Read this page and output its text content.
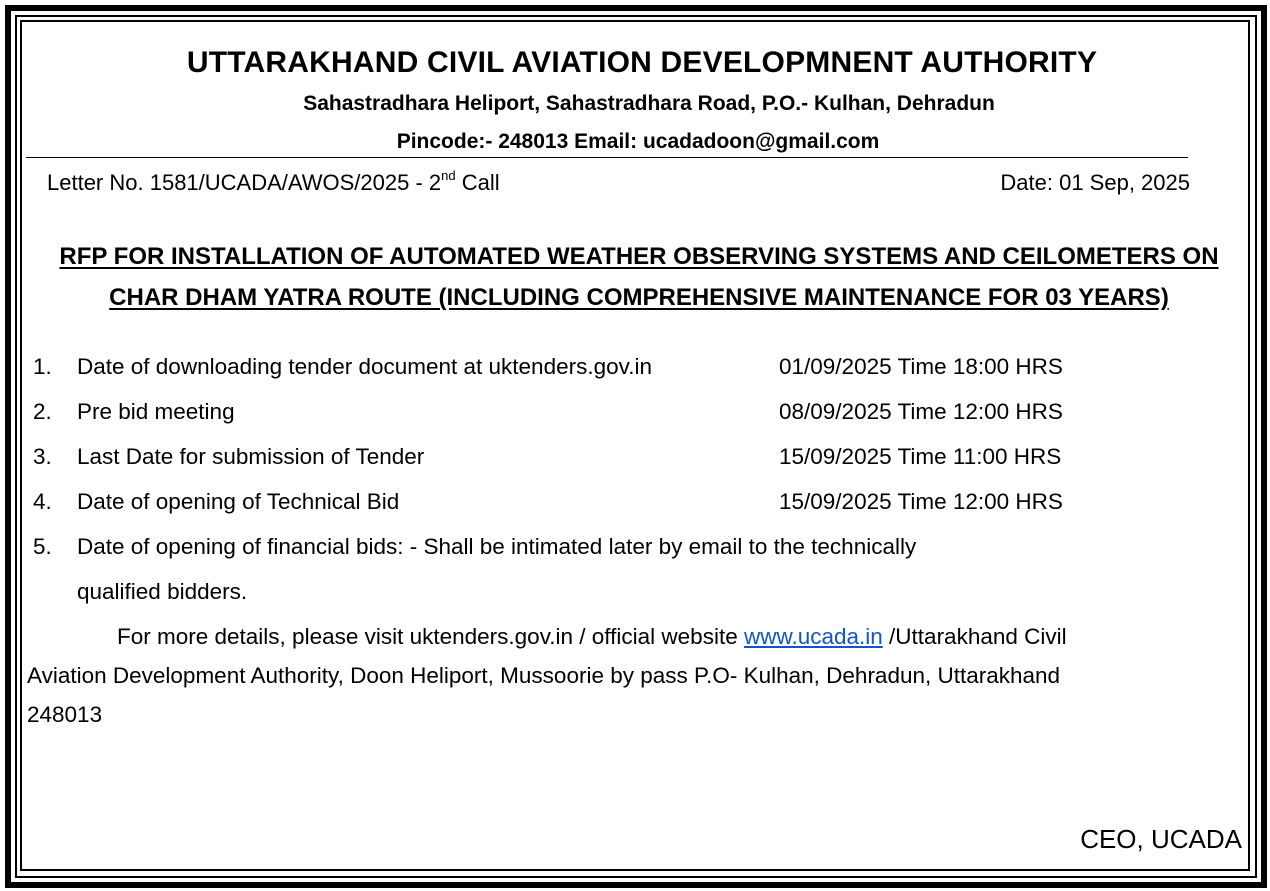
UTTARAKHAND CIVIL AVIATION DEVELOPMNENT AUTHORITY
Sahastradhara Heliport, Sahastradhara Road, P.O.- Kulhan, Dehradun
Pincode:- 248013 Email: ucadadoon@gmail.com
Letter No. 1581/UCADA/AWOS/2025 - 2nd Call	Date: 01 Sep, 2025
RFP FOR INSTALLATION OF AUTOMATED WEATHER OBSERVING SYSTEMS AND CEILOMETERS ON
CHAR DHAM YATRA ROUTE (INCLUDING COMPREHENSIVE MAINTENANCE FOR 03 YEARS)
1. Date of downloading tender document at uktenders.gov.in	01/09/2025 Time 18:00 HRS
2. Pre bid meeting	08/09/2025 Time 12:00 HRS
3. Last Date for submission of Tender	15/09/2025 Time 11:00 HRS
4. Date of opening of Technical Bid	15/09/2025 Time 12:00 HRS
5. Date of opening of financial bids: - Shall be intimated later by email to the technically
qualified bidders.
For more details, please visit uktenders.gov.in / official website www.ucada.in /Uttarakhand Civil
Aviation Development Authority, Doon Heliport, Mussoorie by pass P.O- Kulhan, Dehradun, Uttarakhand
248013
CEO, UCADA
